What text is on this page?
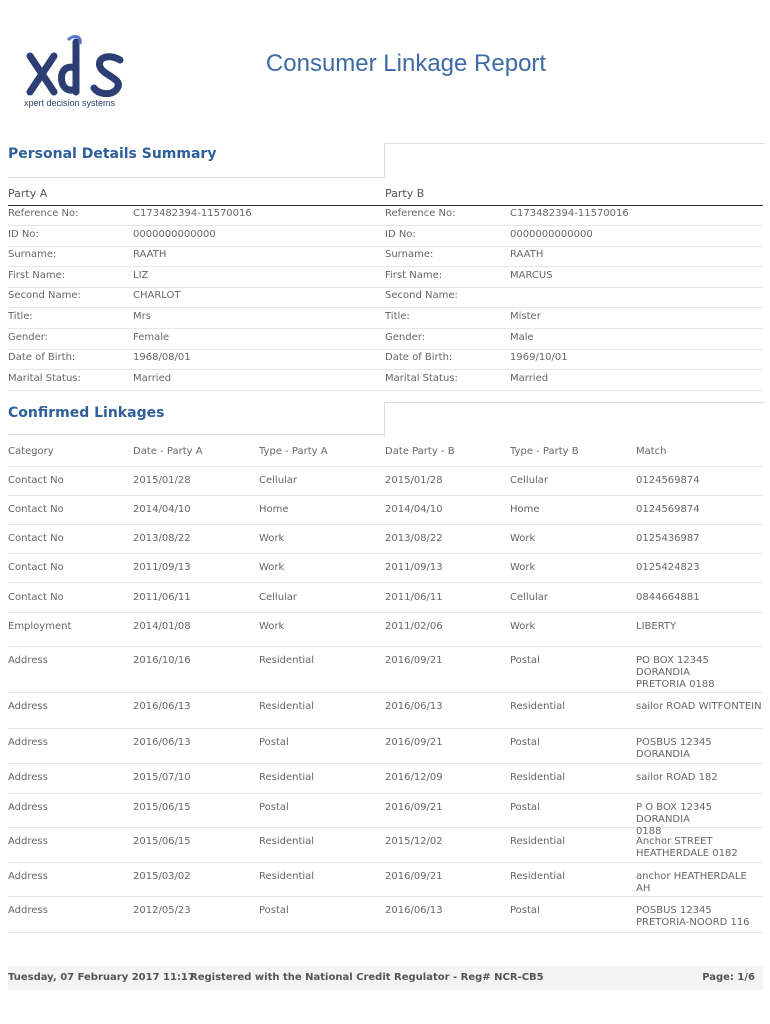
xpert decision systems
Consumer Linkage Report
Personal Details Summary
Party A	Party B
Reference No:	C173482394-11570016	Reference No:	C173482394-11570016
ID No:	0000000000000	ID No:	0000000000000
Surname:	RAATH	Surname:	RAATH
First Name:	LIZ	First Name:	MARCUS
Second Name:	CHARLOT	Second Name:
Title:	Mrs	Title:	Mister
Gender:	Female	Gender:	Male
Date of Birth:	1968/08/01	Date of Birth:	1969/10/01
Marital Status:	Married	Marital Status:	Married
Confirmed Linkages
Category	Date - Party A	Type - Party A	Date Party - B	Type - Party B	Match
Contact No	2015/01/28	Cellular	2015/01/28	Cellular	0124569874
Contact No	2014/04/10	Home	2014/04/10	Home	0124569874
Contact No	2013/08/22	Work	2013/08/22	Work	0125436987
Contact No	2011/09/13	Work	2011/09/13	Work	0125424823
Contact No	2011/06/11	Cellular	2011/06/11	Cellular	0844664881
Employment	2014/01/08	Work	2011/02/06	Work	LIBERTY
Address	2016/10/16	Residential	2016/09/21	Postal	PO BOX 12345 DORANDIA
PRETORIA 0188
Address	2016/06/13	Residential	2016/06/13	Residential	sailor ROAD WITFONTEIN
Address	2016/06/13	Postal	2016/09/21	Postal	POSBUS 12345 DORANDIA
Address	2015/07/10	Residential	2016/12/09	Residential	sailor ROAD 182
Address	2015/06/15	Postal	2016/09/21	Postal	P O BOX 12345 DORANDIA
0188
Address	2015/06/15	Residential	2015/12/02	Residential	Anchor STREET
HEATHERDALE 0182
Address	2015/03/02	Residential	2016/09/21	Residential	anchor HEATHERDALE AH
Address	2012/05/23	Postal	2016/06/13	Postal	POSBUS 12345
PRETORIA-NOORD 116
Tuesday, 07 February 2017 11:17
Registered with the National Credit Regulator - Reg# NCR-CB5	Page: 1/6
